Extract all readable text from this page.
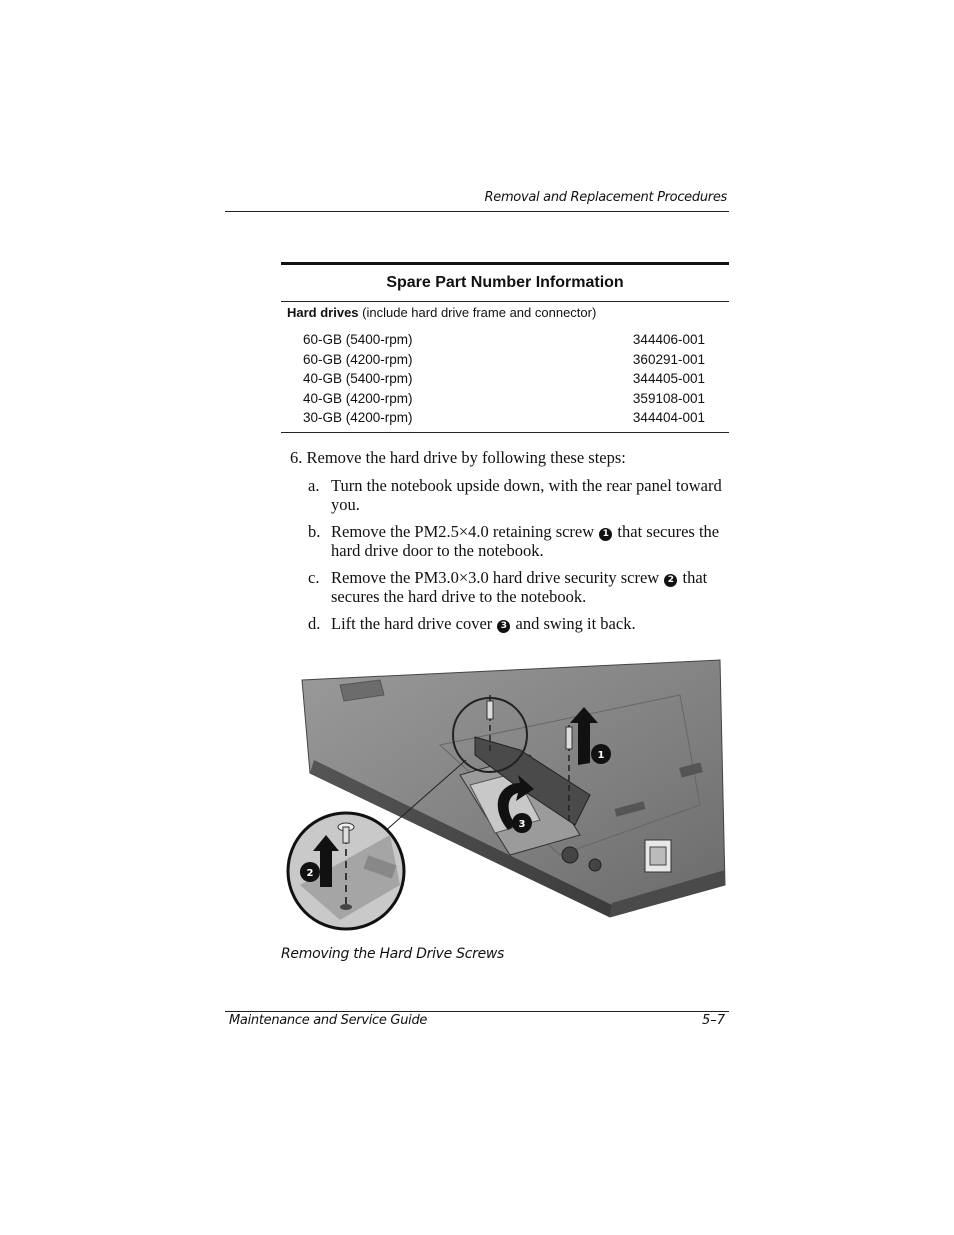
Removal and Replacement Procedures
Spare Part Number Information
Hard drives (include hard drive frame and connector)
60-GB (5400-rpm)	344406-001
60-GB (4200-rpm)	360291-001
40-GB (5400-rpm)	344405-001
40-GB (4200-rpm)	359108-001
30-GB (4200-rpm)	344404-001
6. Remove the hard drive by following these steps:
a. Turn the notebook upside down, with the rear panel toward you.
b. Remove the PM2.5×4.0 retaining screw 1 that secures the hard drive door to the notebook.
c. Remove the PM3.0×3.0 hard drive security screw 2 that secures the hard drive to the notebook.
d. Lift the hard drive cover 3 and swing it back.
1
3
2
Removing the Hard Drive Screws
Maintenance and Service Guide	5–7
